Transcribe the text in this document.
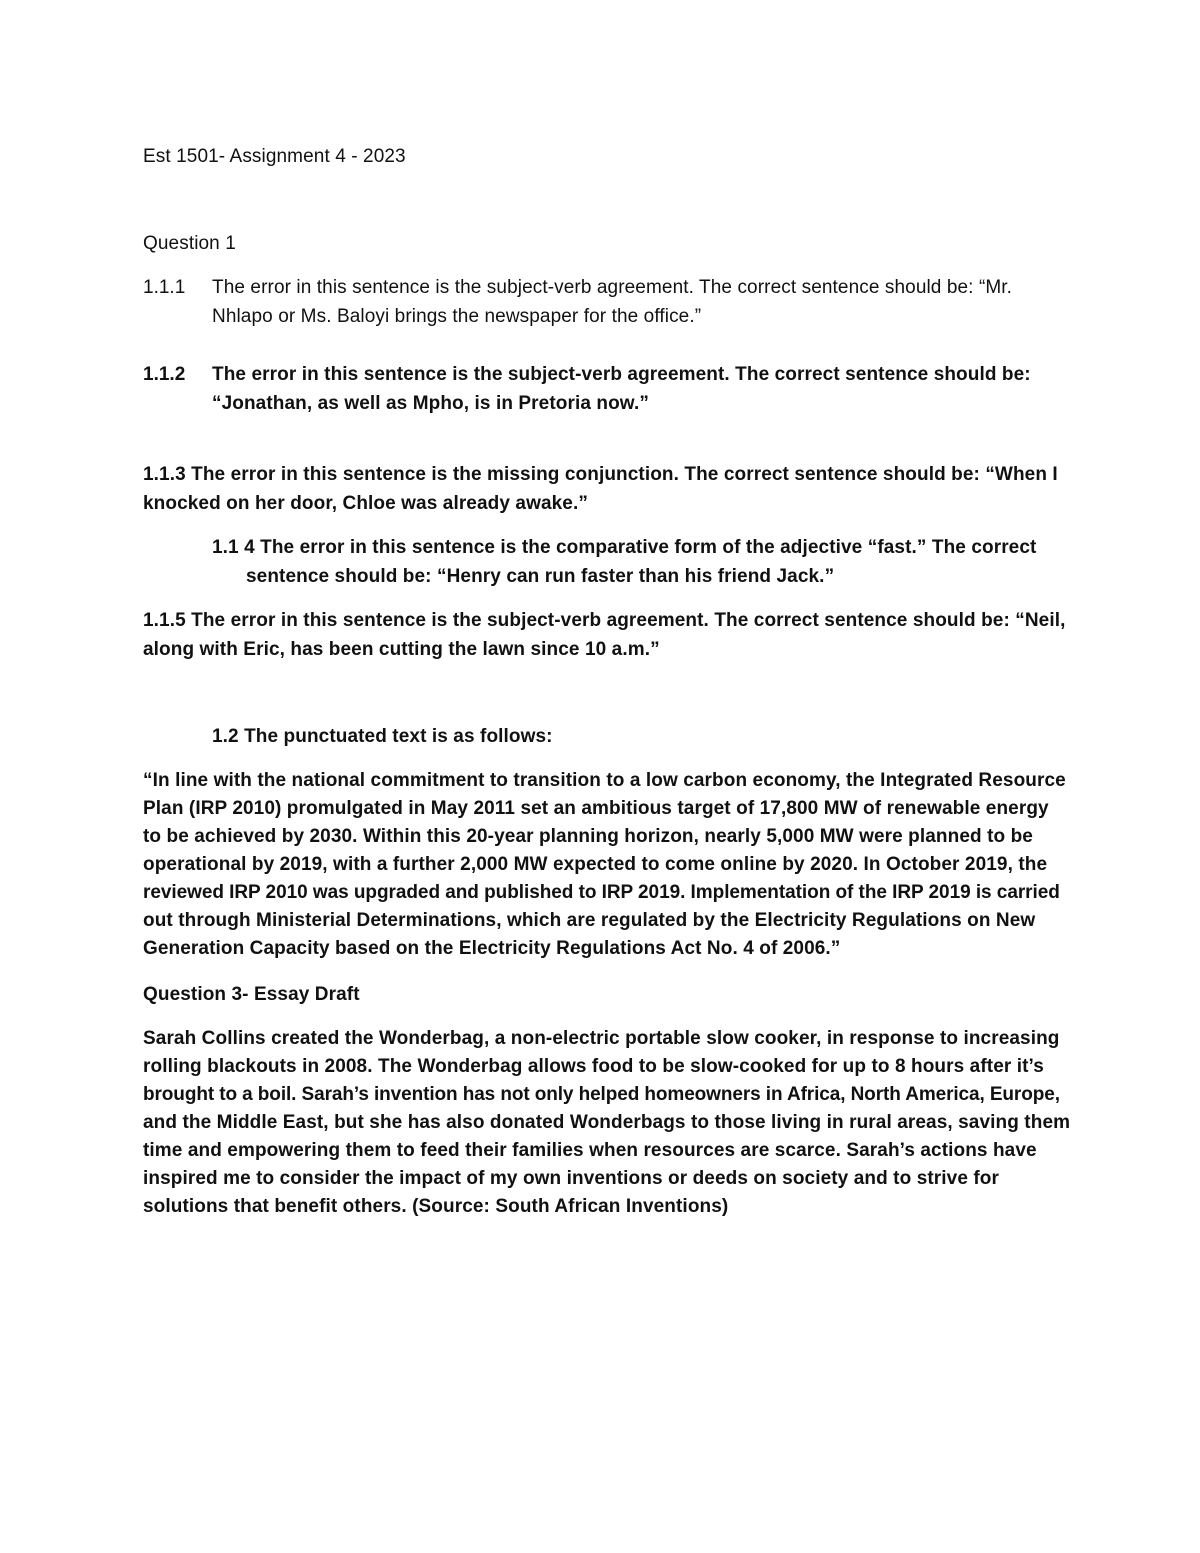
Est 1501- Assignment 4 - 2023
Question 1
1.1.1 The error in this sentence is the subject-verb agreement. The correct sentence should be: “Mr.
Nhlapo or Ms. Baloyi brings the newspaper for the office.”
1.1.2 The error in this sentence is the subject-verb agreement. The correct sentence should be:
“Jonathan, as well as Mpho, is in Pretoria now.”
1.1.3 The error in this sentence is the missing conjunction. The correct sentence should be: “When I
knocked on her door, Chloe was already awake.”
1.1 4 The error in this sentence is the comparative form of the adjective “fast.” The correct
sentence should be: “Henry can run faster than his friend Jack.”
1.1.5 The error in this sentence is the subject-verb agreement. The correct sentence should be: “Neil,
along with Eric, has been cutting the lawn since 10 a.m.”
1.2 The punctuated text is as follows:
“In line with the national commitment to transition to a low carbon economy, the Integrated Resource
Plan (IRP 2010) promulgated in May 2011 set an ambitious target of 17,800 MW of renewable energy
to be achieved by 2030. Within this 20-year planning horizon, nearly 5,000 MW were planned to be
operational by 2019, with a further 2,000 MW expected to come online by 2020. In October 2019, the
reviewed IRP 2010 was upgraded and published to IRP 2019. Implementation of the IRP 2019 is carried
out through Ministerial Determinations, which are regulated by the Electricity Regulations on New
Generation Capacity based on the Electricity Regulations Act No. 4 of 2006.”
Question 3- Essay Draft
Sarah Collins created the Wonderbag, a non-electric portable slow cooker, in response to increasing
rolling blackouts in 2008. The Wonderbag allows food to be slow-cooked for up to 8 hours after it’s
brought to a boil. Sarah’s invention has not only helped homeowners in Africa, North America, Europe,
and the Middle East, but she has also donated Wonderbags to those living in rural areas, saving them
time and empowering them to feed their families when resources are scarce. Sarah’s actions have
inspired me to consider the impact of my own inventions or deeds on society and to strive for
solutions that benefit others. (Source: South African Inventions)
